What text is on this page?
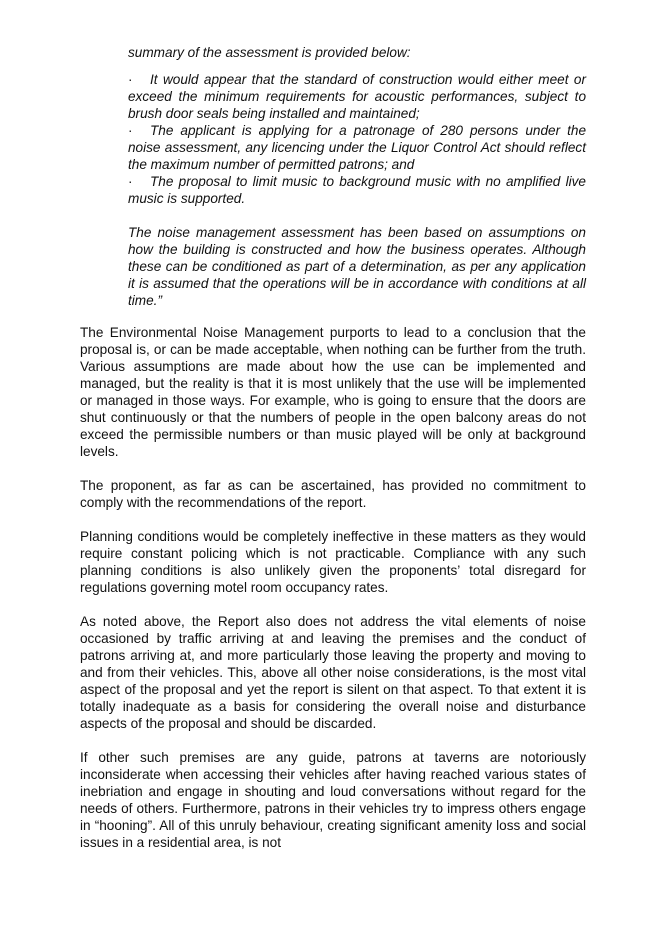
summary of the assessment is provided below:

· It would appear that the standard of construction would either meet or exceed the minimum requirements for acoustic performances, subject to brush door seals being installed and maintained;

· The applicant is applying for a patronage of 280 persons under the noise assessment, any licencing under the Liquor Control Act should reflect the maximum number of permitted patrons; and

· The proposal to limit music to background music with no amplified live music is supported.

The noise management assessment has been based on assumptions on how the building is constructed and how the business operates. Although these can be conditioned as part of a determination, as per any application it is assumed that the operations will be in accordance with conditions at all time.”

The Environmental Noise Management purports to lead to a conclusion that the proposal is, or can be made acceptable, when nothing can be further from the truth. Various assumptions are made about how the use can be implemented and managed, but the reality is that it is most unlikely that the use will be implemented or managed in those ways. For example, who is going to ensure that the doors are shut continuously or that the numbers of people in the open balcony areas do not exceed the permissible numbers or than music played will be only at background levels.

The proponent, as far as can be ascertained, has provided no commitment to comply with the recommendations of the report.

Planning conditions would be completely ineffective in these matters as they would require constant policing which is not practicable. Compliance with any such planning conditions is also unlikely given the proponents’ total disregard for regulations governing motel room occupancy rates.

As noted above, the Report also does not address the vital elements of noise occasioned by traffic arriving at and leaving the premises and the conduct of patrons arriving at, and more particularly those leaving the property and moving to and from their vehicles. This, above all other noise considerations, is the most vital aspect of the proposal and yet the report is silent on that aspect. To that extent it is totally inadequate as a basis for considering the overall noise and disturbance aspects of the proposal and should be discarded.

If other such premises are any guide, patrons at taverns are notoriously inconsiderate when accessing their vehicles after having reached various states of inebriation and engage in shouting and loud conversations without regard for the needs of others. Furthermore, patrons in their vehicles try to impress others engage in “hooning”. All of this unruly behaviour, creating significant amenity loss and social issues in a residential area, is not
